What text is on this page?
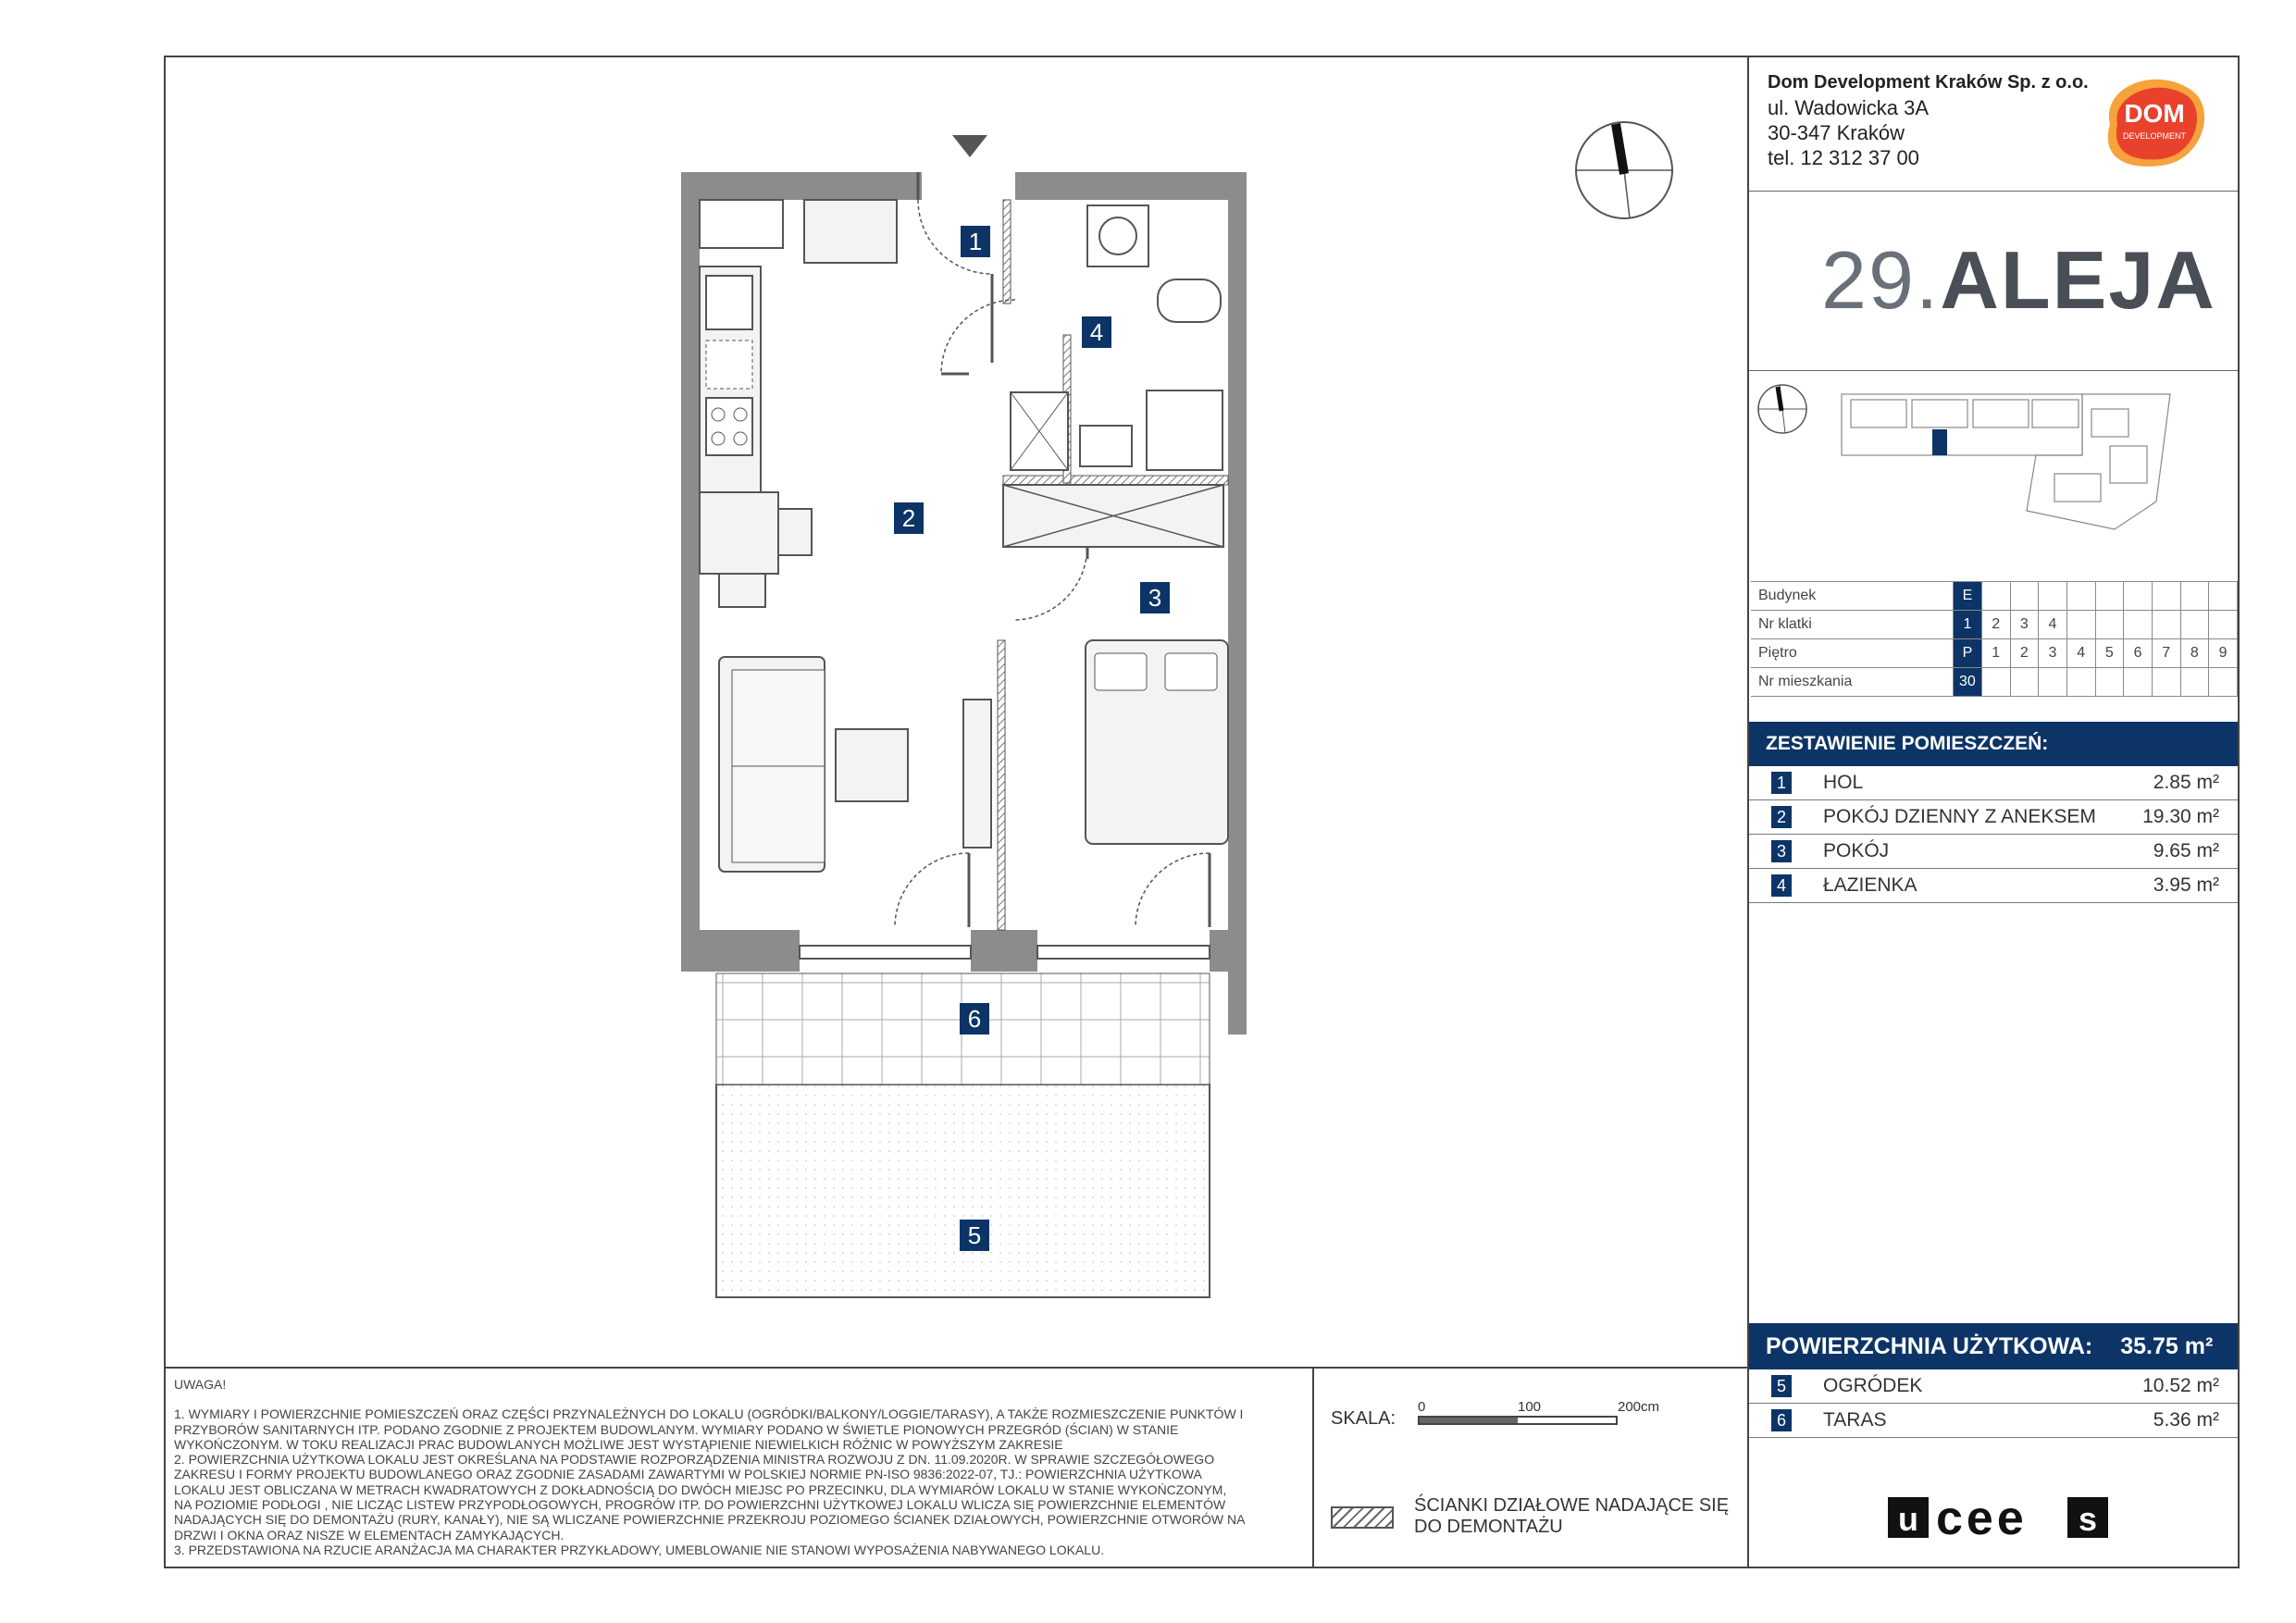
1
2
3
4
5
6
Dom Development Kraków Sp. z o.o.
ul. Wadowicka 3A
30-347 Kraków
tel. 12 312 37 00
DOM
DEVELOPMENT
29.ALEJA
Budynek	E									
Nr klatki	1	2	3	4						
Piętro	P	1	2	3	4	5	6	7	8	9
Nr mieszkania	30									
ZESTAWIENIE POMIESZCZEŃ:
1 HOL	2.85 m²
2 POKÓJ DZIENNY Z ANEKSEM 19.30 m²
3 POKÓJ	9.65 m²
4 ŁAZIENKA	3.95 m²
POWIERZCHNIA UŻYTKOWA: 35.75 m²
5 OGRÓDEK	10.52 m²
6 TARAS	5.36 m²

UWAGA!

1. WYMIARY I POWIERZCHNIE POMIESZCZEŃ ORAZ CZĘŚCI PRZYNALEŻNYCH DO LOKALU (OGRÓDKI/BALKONY/LOGGIE/TARASY), A TAKŻE ROZMIESZCZENIE PUNKTÓW I

PRZYBORÓW SANITARNYCH ITP. PODANO ZGODNIE Z PROJEKTEM BUDOWLANYM. WYMIARY PODANO W ŚWIETLE PIONOWYCH PRZEGRÓD (ŚCIAN) W STANIE

WYKOŃCZONYM. W TOKU REALIZACJI PRAC BUDOWLANYCH MOŻLIWE JEST WYSTĄPIENIE NIEWIELKICH RÓŻNIC W POWYŻSZYM ZAKRESIE

2. POWIERZCHNIA UŻYTKOWA LOKALU JEST OKREŚLANA NA PODSTAWIE ROZPORZĄDZENIA MINISTRA ROZWOJU Z DN. 11.09.2020R. W SPRAWIE SZCZEGÓŁOWEGO

ZAKRESU I FORMY PROJEKTU BUDOWLANEGO ORAZ ZGODNIE ZASADAMI ZAWARTYMI W POLSKIEJ NORMIE PN-ISO 9836:2022-07, TJ.: POWIERZCHNIA UŻYTKOWA

LOKALU JEST OBLICZANA W METRACH KWADRATOWYCH Z DOKŁADNOŚCIĄ DO DWÓCH MIEJSC PO PRZECINKU, DLA WYMIARÓW LOKALU W STANIE WYKOŃCZONYM,

NA POZIOMIE PODŁOGI , NIE LICZĄC LISTEW PRZYPODŁOGOWYCH, PROGRÓW ITP. DO POWIERZCHNI UŻYTKOWEJ LOKALU WLICZA SIĘ POWIERZCHNIE ELEMENTÓW

NADAJĄCYCH SIĘ DO DEMONTAŻU (RURY, KANAŁY), NIE SĄ WLICZANE POWIERZCHNIE PRZEKROJU POZIOMEGO ŚCIANEK DZIAŁOWYCH, POWIERZCHNIE OTWORÓW NA

DRZWI I OKNA ORAZ NISZE W ELEMENTACH ZAMYKAJĄCYCH.

3. PRZEDSTAWIONA NA RZUCIE ARANŻACJA MA CHARAKTER PRZYKŁADOWY, UMEBLOWANIE NIE STANOWI WYPOSAŻENIA NABYWANEGO LOKALU.

SKALA:
0	100	200cm
ŚCIANKI DZIAŁOWE NADAJĄCE SIĘ
DO DEMONTAŻU	u cee s
ucees
